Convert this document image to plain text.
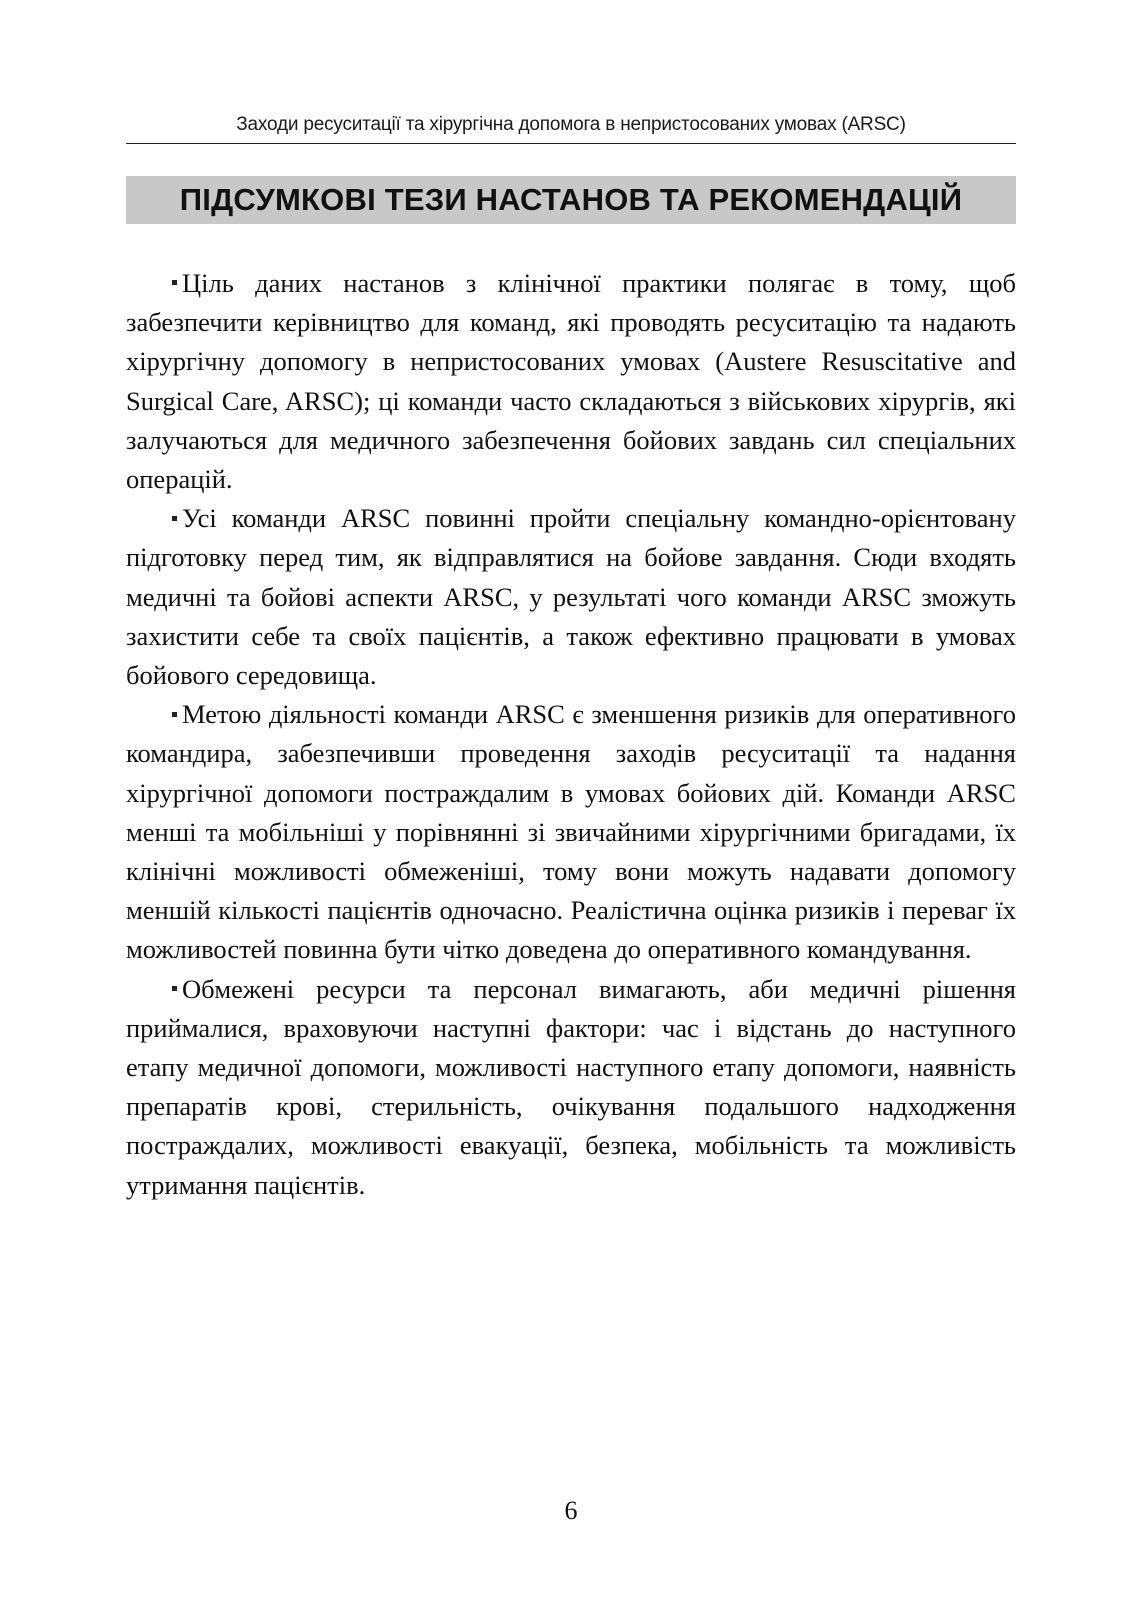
Заходи ресуситації та хірургічна допомога в непристосованих умовах (ARSC)
ПІДСУМКОВІ ТЕЗИ НАСТАНОВ ТА РЕКОМЕНДАЦІЙ

Ціль даних настанов з клінічної практики полягає в тому, щоб забезпечити керівництво для команд, які проводять ресуситацію та надають хірургічну допомогу в непристосованих умовах (Austere Resuscitative and Surgical Care, ARSC); ці команди часто складаються з військових хірургів, які залучаються для медичного забезпечення бойових завдань сил спеціальних операцій.

Усі команди ARSC повинні пройти спеціальну командно-орієнтовану підготовку перед тим, як відправлятися на бойове завдання. Сюди входять медичні та бойові аспекти ARSC, у результаті чого команди ARSC зможуть захистити себе та своїх пацієнтів, а також ефективно працювати в умовах бойового середовища.

Метою діяльності команди ARSC є зменшення ризиків для оперативного командира, забезпечивши проведення заходів ресуситації та надання хірургічної допомоги постраждалим в умовах бойових дій. Команди ARSC менші та мобільніші у порівнянні зі звичайними хірургічними бригадами, їх клінічні можливості обмеженіші, тому вони можуть надавати допомогу меншій кількості пацієнтів одночасно. Реалістична оцінка ризиків і переваг їх можливостей повинна бути чітко доведена до оперативного командування.

Обмежені ресурси та персонал вимагають, аби медичні рішення приймалися, враховуючи наступні фактори: час і відстань до наступного етапу медичної допомоги, можливості наступного етапу допомоги, наявність препаратів крові, стерильність, очікування подальшого надходження постраждалих, можливості евакуації, безпека, мобільність та можливість утримання пацієнтів.

6
